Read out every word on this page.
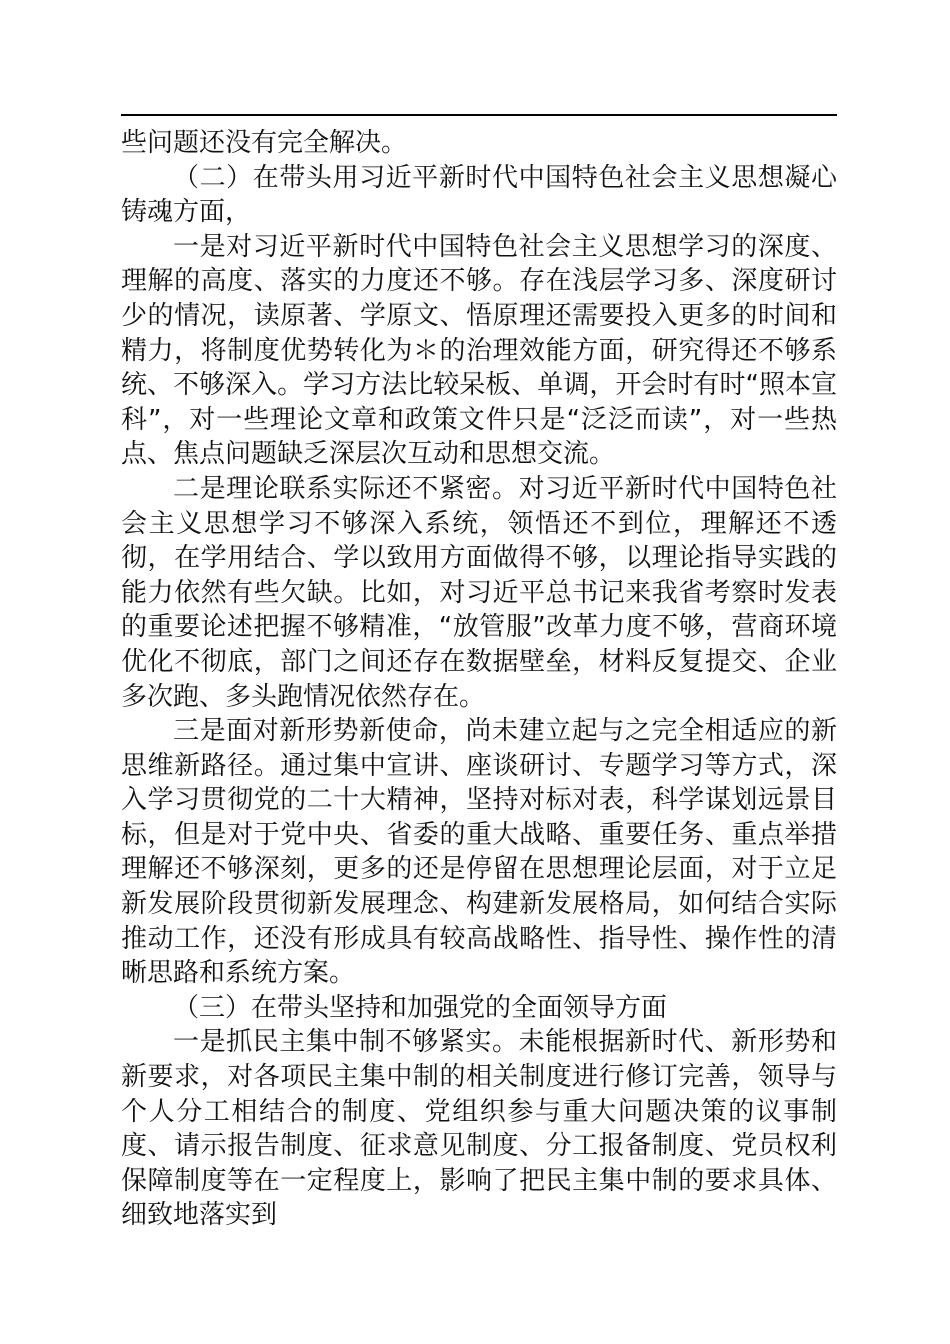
些问题还没有完全解决。

（二）在带头用习近平新时代中国特色社会主义思想凝心铸魂方面，

一是对习近平新时代中国特色社会主义思想学习的深度、理解的高度、落实的力度还不够。存在浅层学习多、深度研讨少的情况，读原著、学原文、悟原理还需要投入更多的时间和精力，将制度优势转化为＊的治理效能方面，研究得还不够系统、不够深入。学习方法比较呆板、单调，开会时有时“照本宣科”，对一些理论文章和政策文件只是“泛泛而读”，对一些热点、焦点问题缺乏深层次互动和思想交流。

二是理论联系实际还不紧密。对习近平新时代中国特色社会主义思想学习不够深入系统，领悟还不到位，理解还不透彻，在学用结合、学以致用方面做得不够，以理论指导实践的能力依然有些欠缺。比如，对习近平总书记来我省考察时发表的重要论述把握不够精准，“放管服”改革力度不够，营商环境优化不彻底，部门之间还存在数据壁垒，材料反复提交、企业多次跑、多头跑情况依然存在。

三是面对新形势新使命，尚未建立起与之完全相适应的新思维新路径。通过集中宣讲、座谈研讨、专题学习等方式，深入学习贯彻党的二十大精神，坚持对标对表，科学谋划远景目标，但是对于党中央、省委的重大战略、重要任务、重点举措理解还不够深刻，更多的还是停留在思想理论层面，对于立足新发展阶段贯彻新发展理念、构建新发展格局，如何结合实际推动工作，还没有形成具有较高战略性、指导性、操作性的清晰思路和系统方案。

（三）在带头坚持和加强党的全面领导方面

一是抓民主集中制不够紧实。未能根据新时代、新形势和新要求，对各项民主集中制的相关制度进行修订完善，领导与个人分工相结合的制度、党组织参与重大问题决策的议事制度、请示报告制度、征求意见制度、分工报备制度、党员权利保障制度等在一定程度上，影响了把民主集中制的要求具体、细致地落实到
